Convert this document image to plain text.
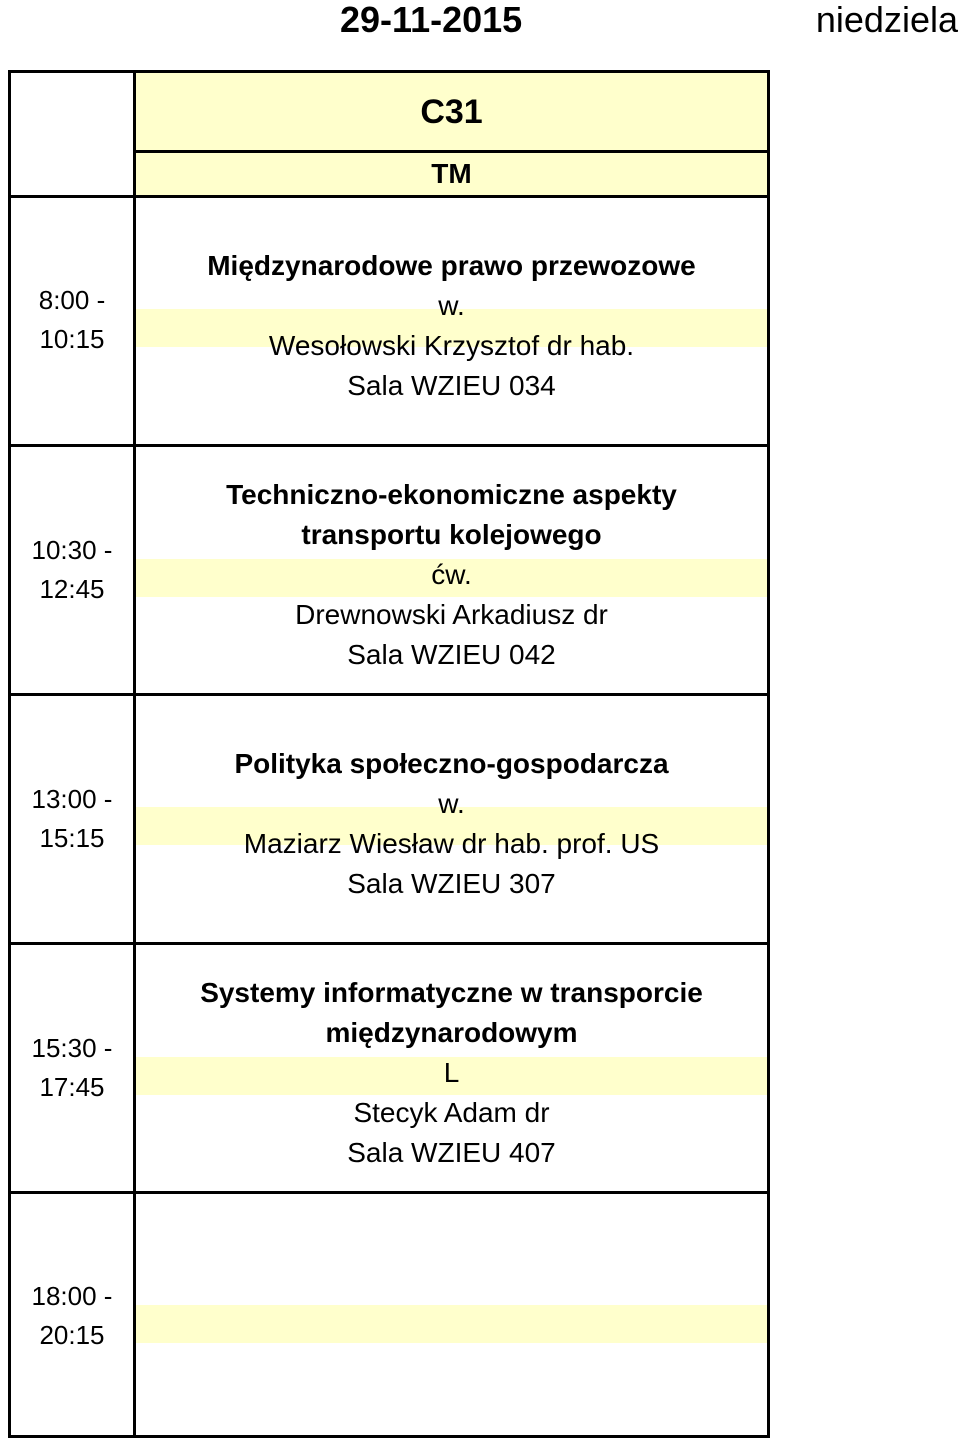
29-11-2015	niedziela
C31
TM
8:00 -
10:15
Międzynarodowe prawo przewozowe
w.
Wesołowski Krzysztof dr hab.
Sala WZIEU 034
10:30 -
12:45
Techniczno-ekonomiczne aspekty transportu kolejowego
ćw.
Drewnowski Arkadiusz dr
Sala WZIEU 042
13:00 -
15:15
Polityka społeczno-gospodarcza
w.
Maziarz Wiesław dr hab. prof. US
Sala WZIEU 307
15:30 -
17:45
Systemy informatyczne w transporcie międzynarodowym
L
Stecyk Adam dr
Sala WZIEU 407
18:00 -
20:15
